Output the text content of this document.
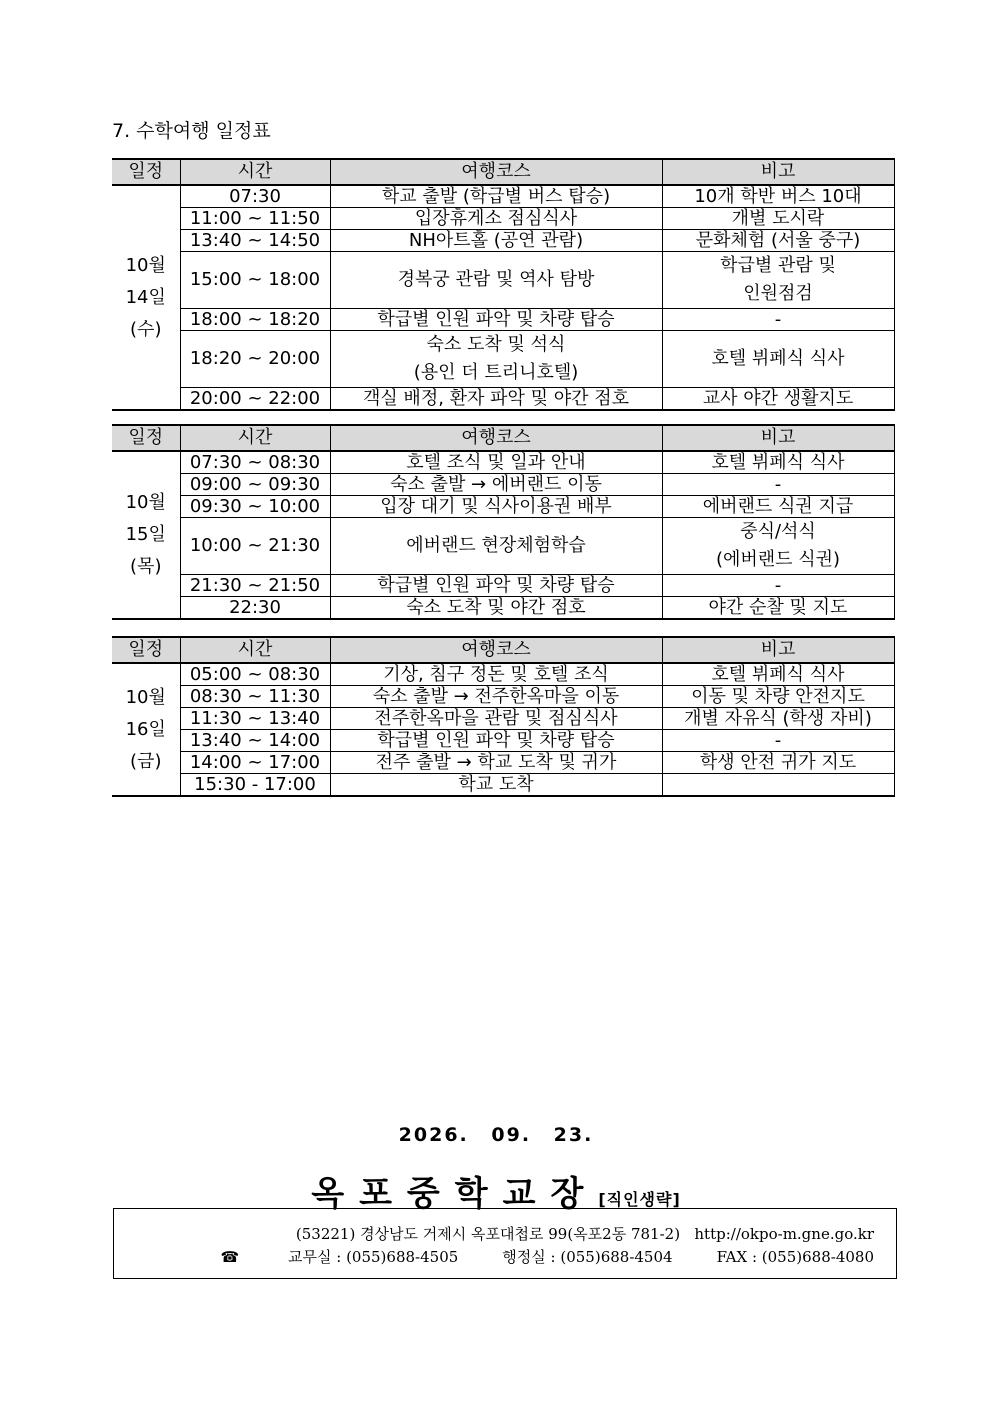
7. 수학여행 일정표
일정	시간	여행코스	비고

10월
14일
(수)	07:30	학교 출발 (학급별 버스 탑승)	10개 학반 버스 10대
	11:00 ~ 11:50	입장휴게소 점심식사	개별 도시락
	13:40 ~ 14:50	NH아트홀 (공연 관람)	문화체험 (서울 중구)
	15:00 ~ 18:00	경복궁 관람 및 역사 탐방	학급별 관람 및
인원점검

	18:00 ~ 18:20	학급별 인원 파악 및 차량 탑승	-
	18:20 ~ 20:00	숙소 도착 및 석식
(용인 더 트리니호텔)	호텔 뷔페식 식사
	20:00 ~ 22:00	객실 배정, 환자 파악 및 야간 점호	교사 야간 생활지도
일정	시간	여행코스	비고

10월
15일
(목)	07:30 ~ 08:30	호텔 조식 및 일과 안내	호텔 뷔페식 식사
	09:00 ~ 09:30	숙소 출발 → 에버랜드 이동	-
	09:30 ~ 10:00	입장 대기 및 식사이용권 배부	에버랜드 식권 지급
	10:00 ~ 21:30	에버랜드 현장체험학습	중식/석식
(에버랜드 식권)

	21:30 ~ 21:50	학급별 인원 파악 및 차량 탑승	-
	22:30	숙소 도착 및 야간 점호	야간 순찰 및 지도
일정	시간	여행코스	비고

10월
16일
(금)	05:00 ~ 08:30	기상, 침구 정돈 및 호텔 조식	호텔 뷔페식 식사
	08:30 ~ 11:30	숙소 출발 → 전주한옥마을 이동	이동 및 차량 안전지도
	11:30 ~ 13:40	전주한옥마을 관람 및 점심식사	개별 자유식 (학생 자비)
	13:40 ~ 14:00	학급별 인원 파악 및 차량 탑승	-
	14:00 ~ 17:00	전주 출발 → 학교 도착 및 귀가	학생 안전 귀가 지도
	15:30 - 17:00	학교 도착	
2026. 09. 23.
옥포중학교장[직인생략]
(53221) 경상남도 거제시 옥포대첩로 99(옥포2동 781-2) http://okpo-m.gne.go.kr
☎	교무실 : (055)688-4505	행정실 : (055)688-4504	FAX : (055)688-4080
